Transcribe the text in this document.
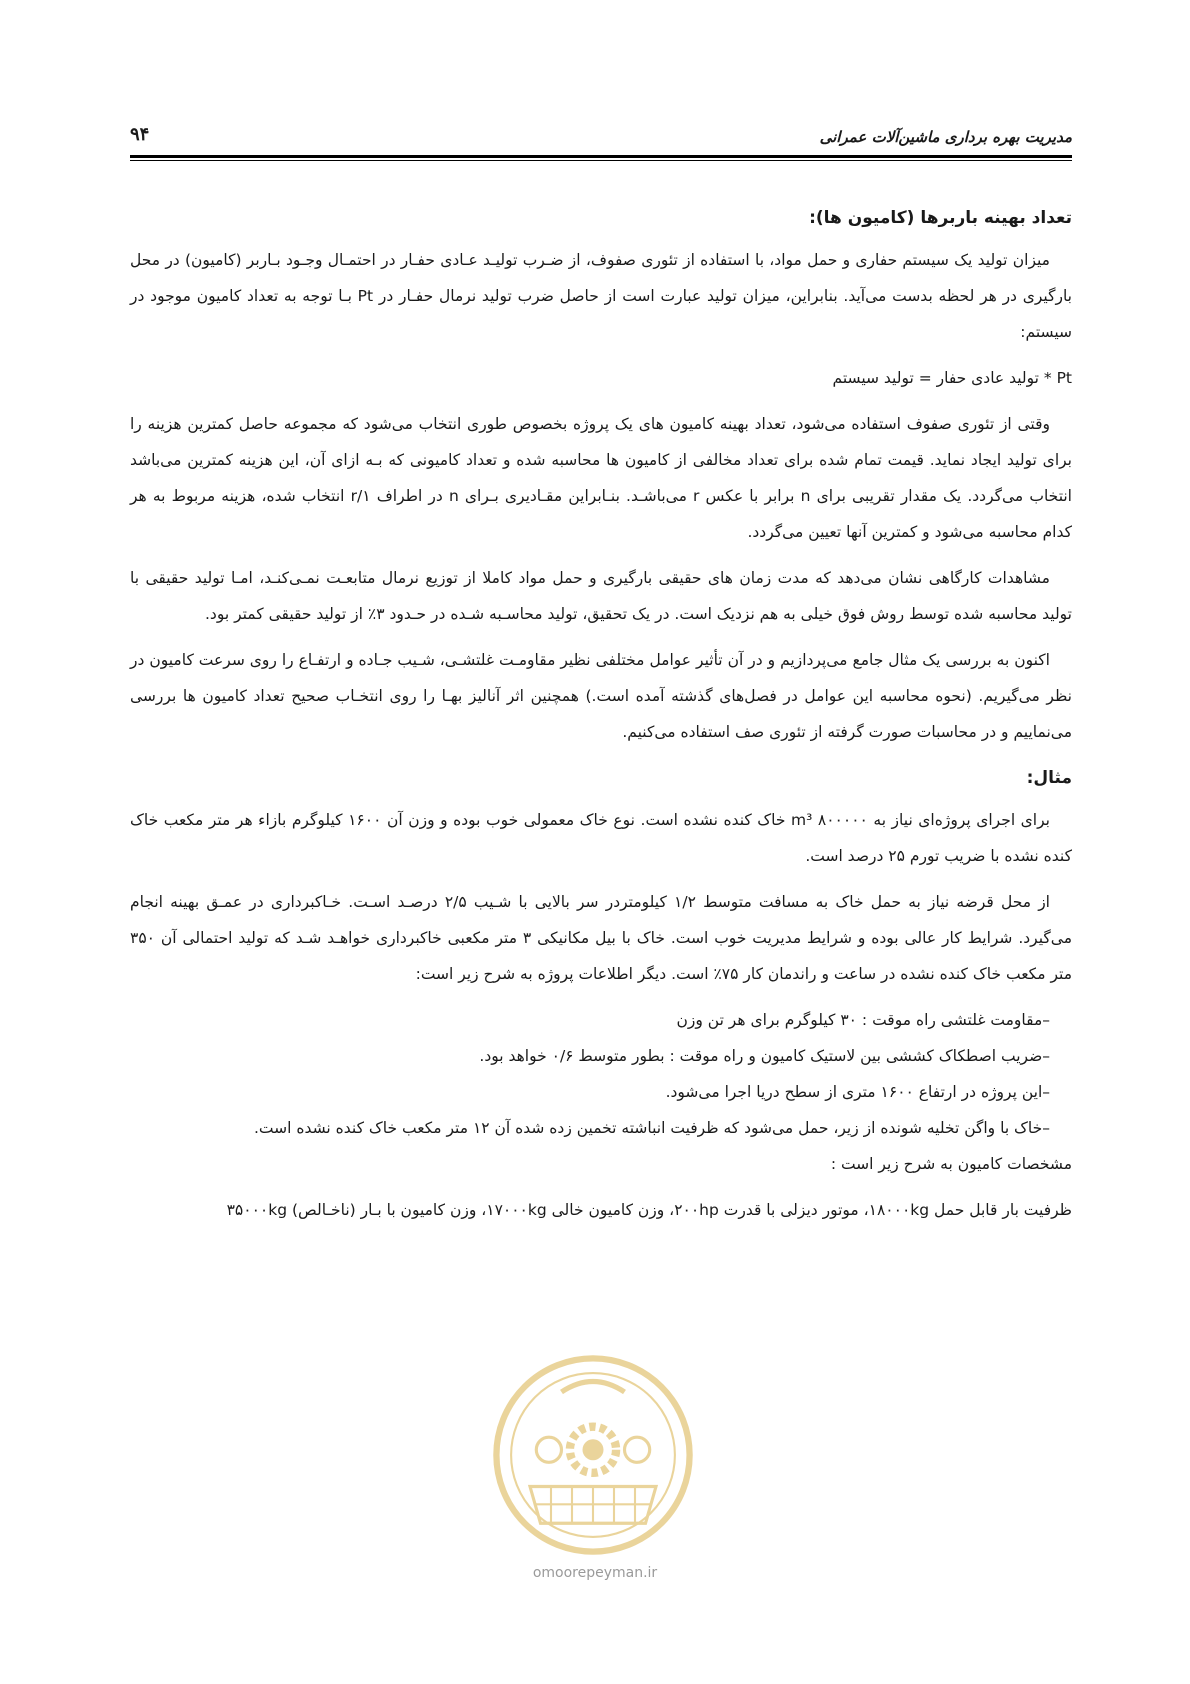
مدیریت بهره برداری ماشین‌آلات عمرانی
۹۴
تعداد بهینه باربرها (کامیون ها):

میزان تولید یک سیستم حفاری و حمل مواد، با استفاده از تئوری صفوف، از ضـرب تولیـد عـادی حفـار در احتمـال وجـود بـاربر (کامیون) در محل بارگیری در هر لحظه بدست می‌آید. بنابراین، میزان تولید عبارت است از حاصل ضرب تولید نرمال حفـار در Pt بـا توجه به تعداد کامیون موجود در سیستم:

Pt * تولید عادی حفار = تولید سیستم

وقتی از تئوری صفوف استفاده می‌شود، تعداد بهینه کامیون های یک پروژه بخصوص طوری انتخاب می‌شود که مجموعه حاصل کمترین هزینه را برای تولید ایجاد نماید. قیمت تمام شده برای تعداد مخالفی از کامیون ها محاسبه شده و تعداد کامیونی که بـه ازای آن، این هزینه کمترین می‌باشد انتخاب می‌گردد. یک مقدار تقریبی برای n برابر با عکس r می‌باشـد. بنـابراین مقـادیری بـرای n در اطراف ۱/r انتخاب شده، هزینه مربوط به هر کدام محاسبه می‌شود و کمترین آنها تعیین می‌گردد.

مشاهدات کارگاهی نشان می‌دهد که مدت زمان های حقیقی بارگیری و حمل مواد کاملا از توزیع نرمال متابعـت نمـی‌کنـد، امـا تولید حقیقی با تولید محاسبه شده توسط روش فوق خیلی به هم نزدیک است. در یک تحقیق، تولید محاسـبه شـده در حـدود ۳٪ از تولید حقیقی کمتر بود.

اکنون به بررسی یک مثال جامع می‌پردازیم و در آن تأثیر عوامل مختلفی نظیر مقاومـت غلتشـی، شـیب جـاده و ارتفـاع را روی سرعت کامیون در نظر می‌گیریم. (نحوه محاسبه این عوامل در فصل‌های گذشته آمده است.) همچنین اثر آنالیز بهـا را روی انتخـاب صحیح تعداد کامیون ها بررسی می‌نماییم و در محاسبات صورت گرفته از تئوری صف استفاده می‌کنیم.

مثال:

برای اجرای پروژه‌ای نیاز به ۸۰۰۰۰۰ m³ خاک کنده نشده است. نوع خاک معمولی خوب بوده و وزن آن ۱۶۰۰ کیلوگرم بازاء هر متر مکعب خاک کنده نشده با ضریب تورم ۲۵ درصد است.

از محل قرضه نیاز به حمل خاک به مسافت متوسط ۱/۲ کیلومتردر سر بالایی با شـیب ۲/۵ درصـد اسـت. خـاکبرداری در عمـق بهینه انجام می‌گیرد. شرایط کار عالی بوده و شرایط مدیریت خوب است. خاک با بیل مکانیکی ۳ متر مکعبی خاکبرداری خواهـد شـد که تولید احتمالی آن ۳۵۰ متر مکعب خاک کنده نشده در ساعت و راندمان کار ۷۵٪ است. دیگر اطلاعات پروژه به شرح زیر است:

–مقاومت غلتشی راه موقت : ۳۰ کیلوگرم برای هر تن وزن
–ضریب اصطکاک کششی بین لاستیک کامیون و راه موقت : بطور متوسط ۰/۶ خواهد بود.
–این پروژه در ارتفاع ۱۶۰۰ متری از سطح دریا اجرا می‌شود.
–خاک با واگن تخلیه شونده از زیر، حمل می‌شود که ظرفیت انباشته تخمین زده شده آن ۱۲ متر مکعب خاک کنده نشده است.

مشخصات کامیون به شرح زیر است :

ظرفیت بار قابل حمل ۱۸۰۰۰kg، موتور دیزلی با قدرت ۲۰۰hp، وزن کامیون خالی ۱۷۰۰۰kg، وزن کامیون با بـار (ناخـالص) ۳۵۰۰۰kg

omoorepeyman.ir
